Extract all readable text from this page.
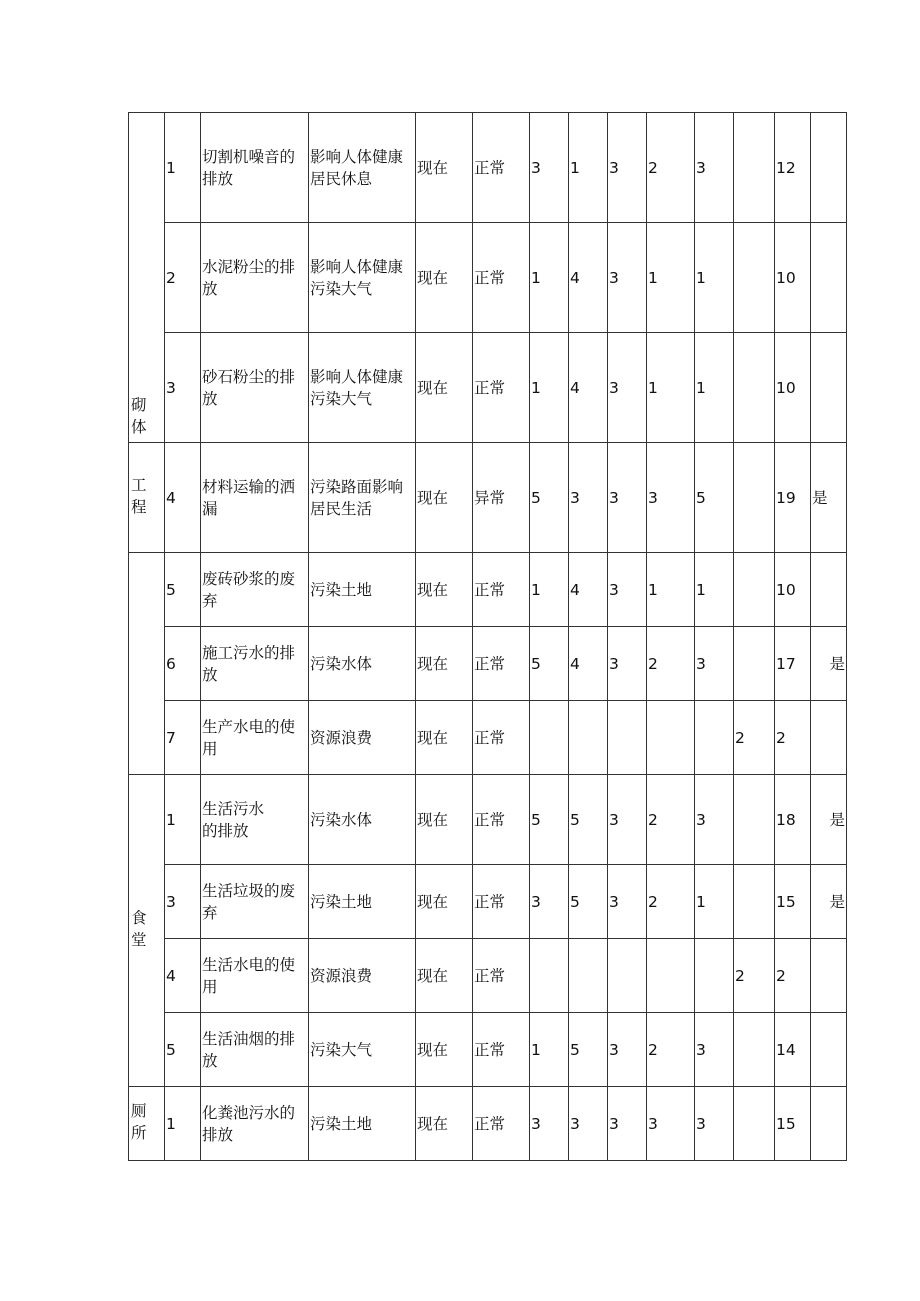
砌体	1	切割机噪音的排放	影响人体健康居民休息	现在	正常	3	1	3	2	3		12	
	2	水泥粉尘的排放	影响人体健康污染大气	现在	正常	1	4	3	1	1		10	
	3	砂石粉尘的排放	影响人体健康污染大气	现在	正常	1	4	3	1	1		10	

工程	4	材料运输的洒漏	污染路面影响居民生活	现在	异常	5	3	3	3	5		19	是
	5	废砖砂浆的废弃	污染土地	现在	正常	1	4	3	1	1		10	
	6	施工污水的排放	污染水体	现在	正常	5	4	3	2	3		17	是
	7	生产水电的使用	资源浪费	现在	正常						2	2	

食堂	1	生活污水的排放	污染水体	现在	正常	5	5	3	2	3		18	是
	3	生活垃圾的废弃	污染土地	现在	正常	3	5	3	2	1		15	是
	4	生活水电的使用	资源浪费	现在	正常						2	2	
	5	生活油烟的排放	污染大气	现在	正常	1	5	3	2	3		14	

厕所	1	化粪池污水的排放	污染土地	现在	正常	3	3	3	3	3		15	
